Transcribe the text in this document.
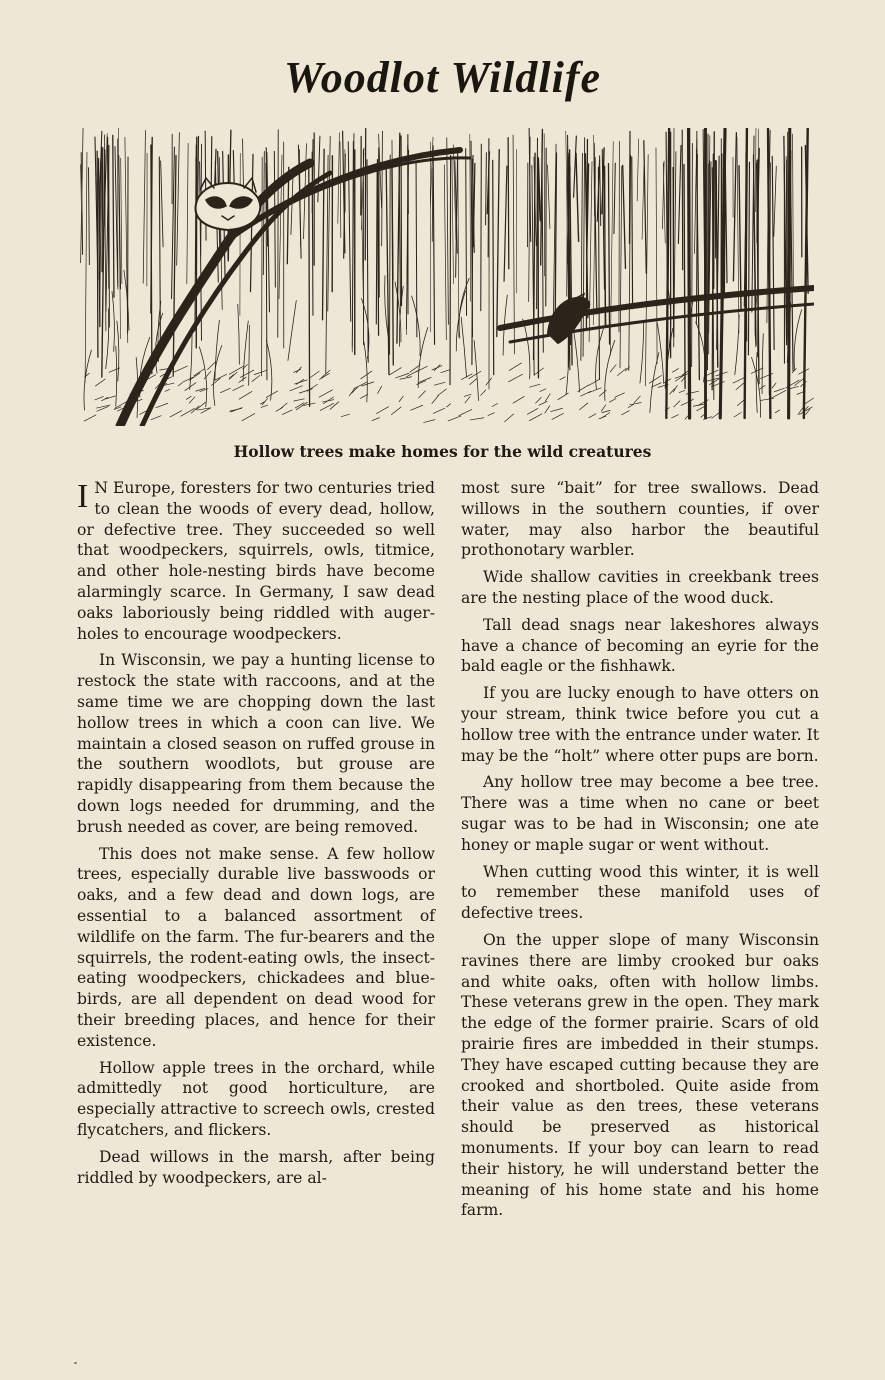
Woodlot Wildlife
Hollow trees make homes for the wild creatures

I N Europe, foresters for two centuries tried to clean the woods of every dead, hollow, or defective tree. They succeeded so well that woodpeckers, squirrels, owls, titmice, and other hole-nesting birds have become alarmingly scarce. In Germany, I saw dead oaks laboriously being riddled with auger-holes to encourage woodpeckers.

In Wisconsin, we pay a hunting license to restock the state with raccoons, and at the same time we are chopping down the last hollow trees in which a coon can live. We maintain a closed season on ruffed grouse in the southern woodlots, but grouse are rapidly disappearing from them because the down logs needed for drumming, and the brush needed as cover, are being removed.

This does not make sense. A few hollow trees, especially durable live basswoods or oaks, and a few dead and down logs, are essential to a balanced assortment of wildlife on the farm. The fur-bearers and the squirrels, the rodent-eating owls, the insect-eating woodpeckers, chickadees and blue-birds, are all dependent on dead wood for their breeding places, and hence for their existence.

Hollow apple trees in the orchard, while admittedly not good horticulture, are especially attractive to screech owls, crested flycatchers, and flickers.

Dead willows in the marsh, after being riddled by woodpeckers, are al-

most sure “bait” for tree swallows. Dead willows in the southern counties, if over water, may also harbor the beautiful prothonotary warbler.

Wide shallow cavities in creekbank trees are the nesting place of the wood duck.

Tall dead snags near lakeshores always have a chance of becoming an eyrie for the bald eagle or the fishhawk.

If you are lucky enough to have otters on your stream, think twice before you cut a hollow tree with the entrance under water. It may be the “holt” where otter pups are born.

Any hollow tree may become a bee tree. There was a time when no cane or beet sugar was to be had in Wisconsin; one ate honey or maple sugar or went without.

When cutting wood this winter, it is well to remember these manifold uses of defective trees.

On the upper slope of many Wisconsin ravines there are limby crooked bur oaks and white oaks, often with hollow limbs. These veterans grew in the open. They mark the edge of the former prairie. Scars of old prairie fires are imbedded in their stumps. They have escaped cutting because they are crooked and shortboled. Quite aside from their value as den trees, these veterans should be preserved as historical monuments. If your boy can learn to read their history, he will understand better the meaning of his home state and his home farm.
